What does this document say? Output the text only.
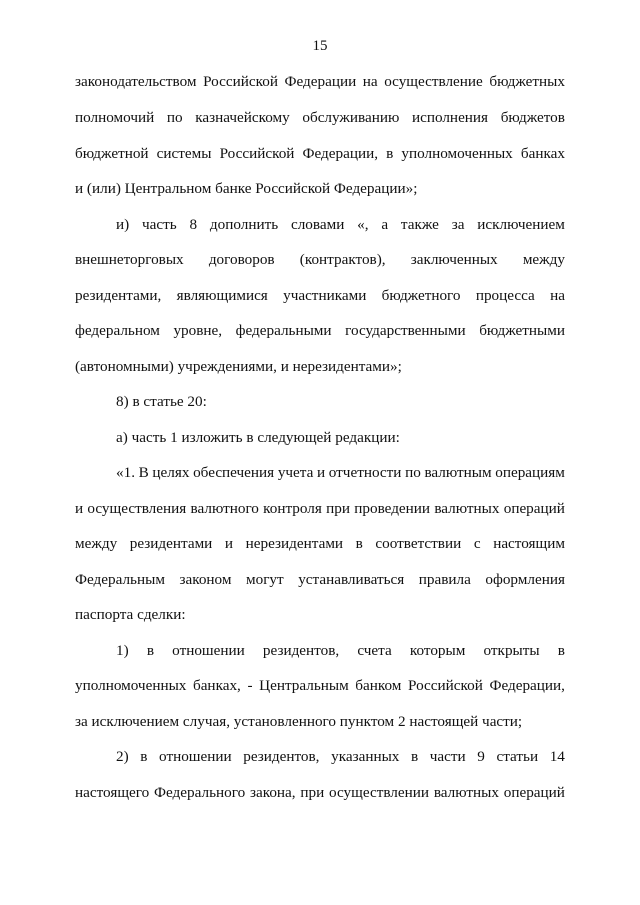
15
законодательством Российской Федерации на осуществление бюджетных
полномочий по казначейскому обслуживанию исполнения бюджетов
бюджетной системы Российской Федерации, в уполномоченных банках
и (или) Центральном банке Российской Федерации»;
и) часть 8 дополнить словами «, а также за исключением
внешнеторговых договоров (контрактов), заключенных между
резидентами, являющимися участниками бюджетного процесса на
федеральном уровне, федеральными государственными бюджетными
(автономными) учреждениями, и нерезидентами»;
8) в статье 20:
а) часть 1 изложить в следующей редакции:
«1. В целях обеспечения учета и отчетности по валютным операциям
и осуществления валютного контроля при проведении валютных операций
между резидентами и нерезидентами в соответствии с настоящим
Федеральным законом могут устанавливаться правила оформления
паспорта сделки:
1) в отношении резидентов, счета которым открыты в
уполномоченных банках, - Центральным банком Российской Федерации,
за исключением случая, установленного пунктом 2 настоящей части;
2) в отношении резидентов, указанных в части 9 статьи 14
настоящего Федерального закона, при осуществлении валютных операций
